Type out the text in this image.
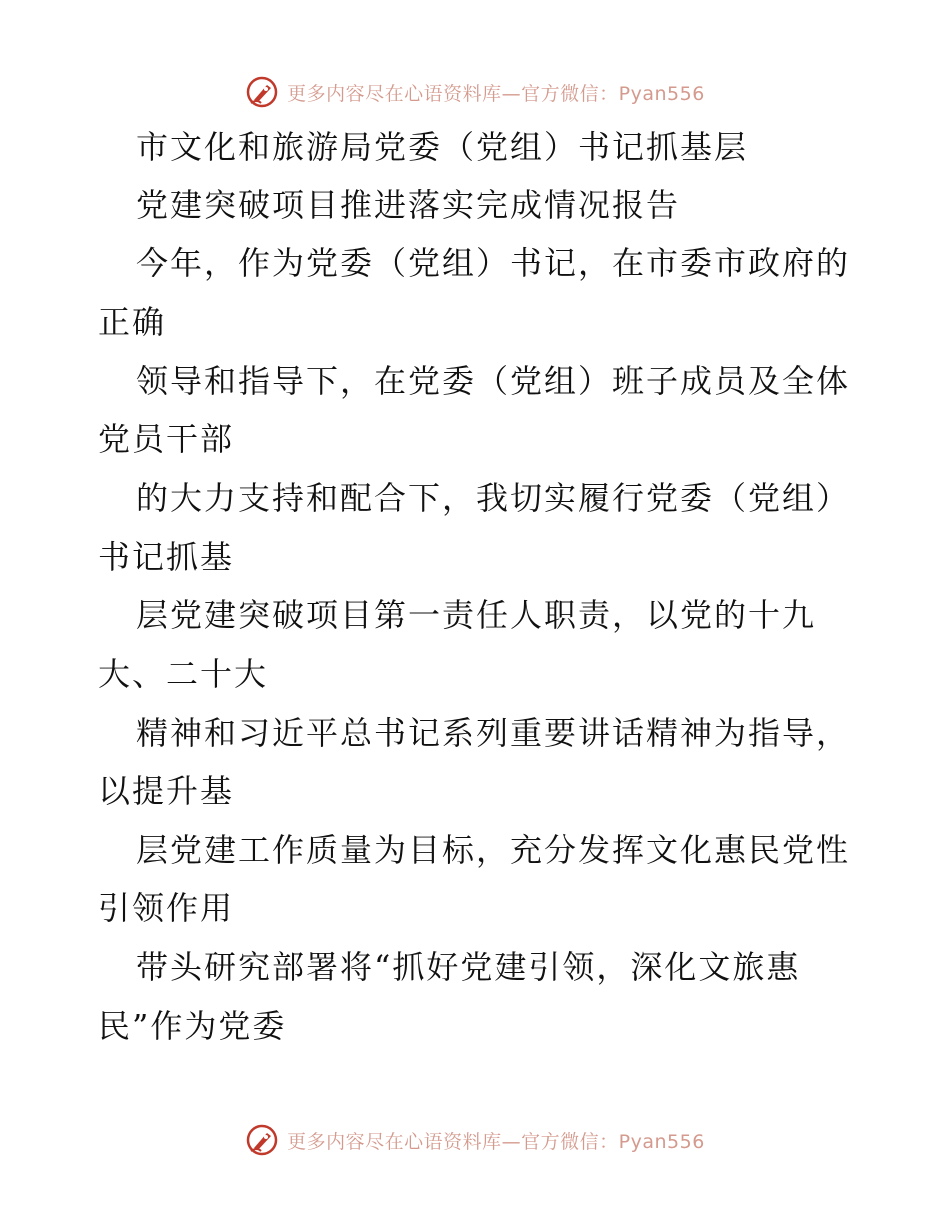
更多内容尽在心语资料库—官方微信：Pyan556
市文化和旅游局党委（党组）书记抓基层
党建突破项目推进落实完成情况报告
今年，作为党委（党组）书记，在市委市政府的
正确
领导和指导下，在党委（党组）班子成员及全体
党员干部
的大力支持和配合下，我切实履行党委（党组）
书记抓基
层党建突破项目第一责任人职责，以党的十九
大、二十大
精神和习近平总书记系列重要讲话精神为指导，
以提升基
层党建工作质量为目标，充分发挥文化惠民党性
引领作用
带头研究部署将“抓好党建引领，深化文旅惠
民”作为党委
更多内容尽在心语资料库—官方微信：Pyan556
